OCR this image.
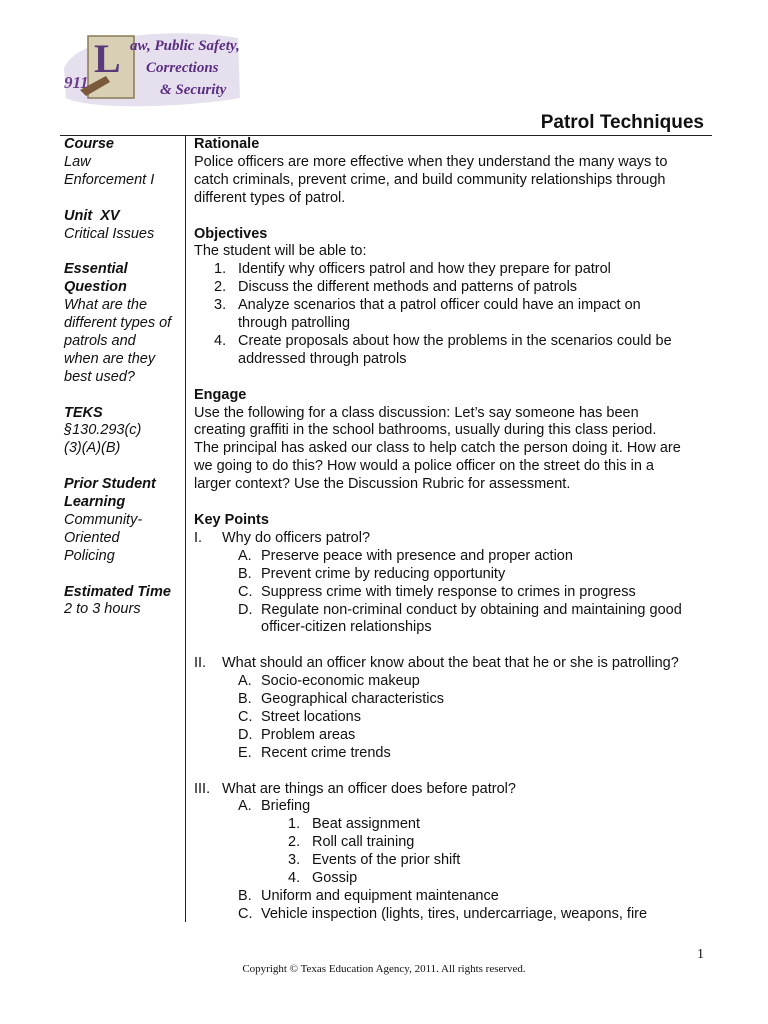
911
L aw, Public Safety,
Corrections
& Security
Patrol Techniques
Course
Law
Enforcement I
Unit  XV
Critical Issues
Essential
Question
What are the
different types of
patrols and
when are they
best used?
TEKS
§130.293(c)
(3)(A)(B)
Prior Student
Learning
Community-
Oriented
Policing
Estimated Time
2 to 3 hours

Rationale

Police officers are more effective when they understand the many ways to

catch criminals, prevent crime, and build community relationships through

different types of patrol.

Objectives

The student will be able to:

1. Identify why officers patrol and how they prepare for patrol
2. Discuss the different methods and patterns of patrols
3. Analyze scenarios that a patrol officer could have an impact on

through patrolling

4. Create proposals about how the problems in the scenarios could be

addressed through patrols

Engage

Use the following for a class discussion: Let’s say someone has been

creating graffiti in the school bathrooms, usually during this class period.

The principal has asked our class to help catch the person doing it. How are

we going to do this? How would a police officer on the street do this in a

larger context? Use the Discussion Rubric for assessment.

Key Points

I.	Why do officers patrol?
A. Preserve peace with presence and proper action
B. Prevent crime by reducing opportunity
C. Suppress crime with timely response to crimes in progress
D. Regulate non-criminal conduct by obtaining and maintaining good

officer-citizen relationships

II.	What should an officer know about the beat that he or she is patrolling?
A. Socio-economic makeup
B. Geographical characteristics
C. Street locations
D. Problem areas
E. Recent crime trends
III. What are things an officer does before patrol?
A. Briefing
1. Beat assignment
2. Roll call training
3. Events of the prior shift
4. Gossip
B. Uniform and equipment maintenance
C. Vehicle inspection (lights, tires, undercarriage, weapons, fire
1
Copyright © Texas Education Agency, 2011. All rights reserved.
